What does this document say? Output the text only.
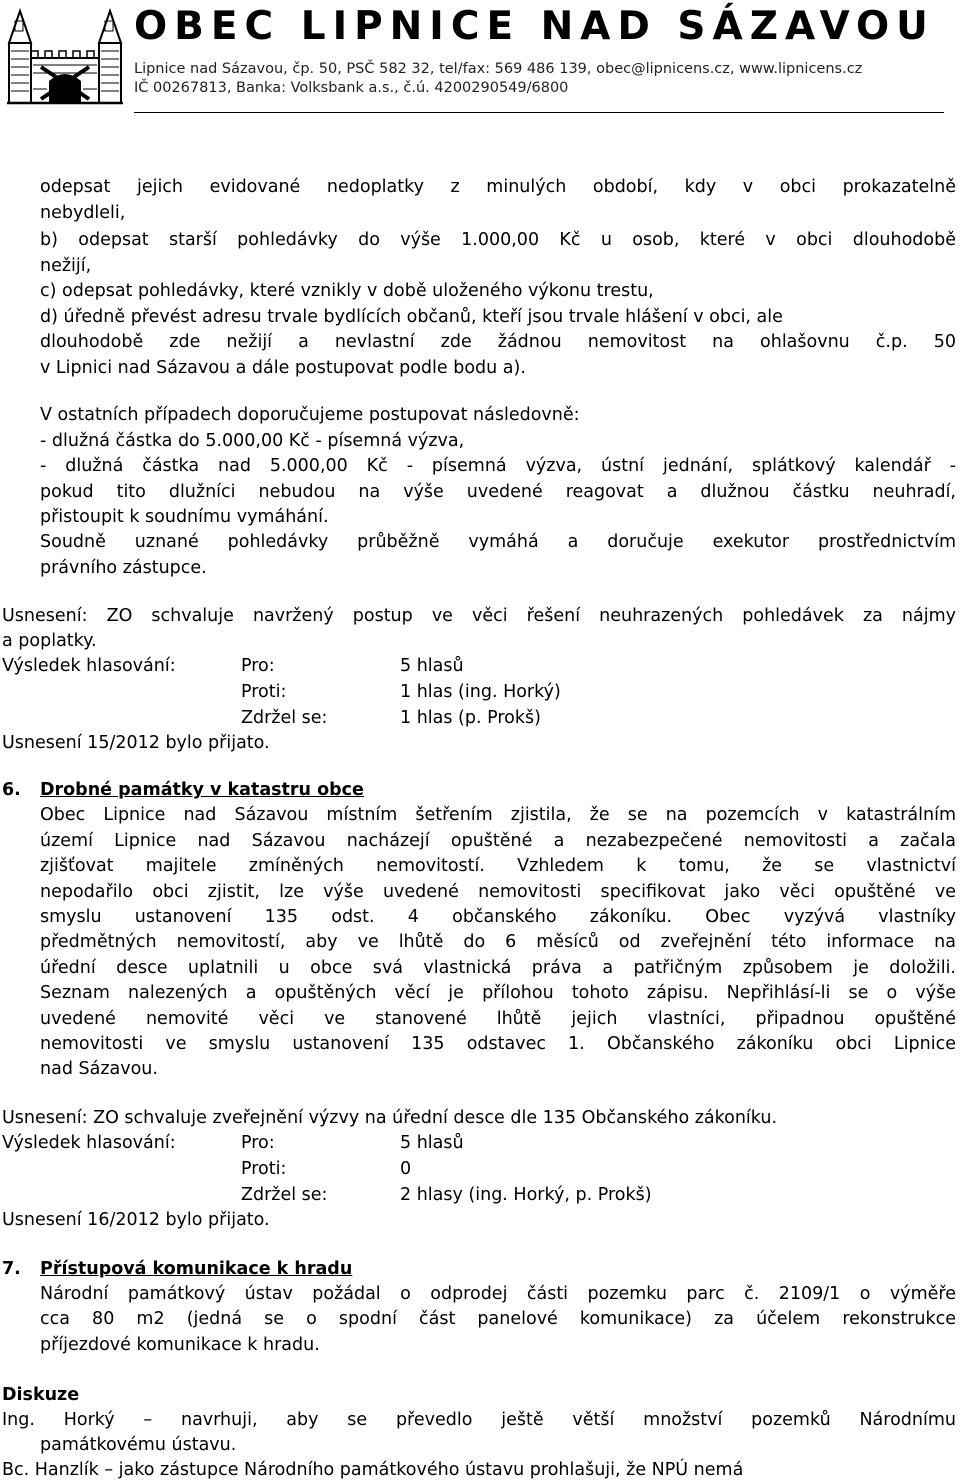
OBEC LIPNICE NAD SÁZAVOU
Lipnice nad Sázavou, čp. 50, PSČ 582 32, tel/fax: 569 486 139, obec@lipnicens.cz, www.lipnicens.cz
IČ 00267813, Banka: Volksbank a.s., č.ú. 4200290549/6800
odepsat jejich evidované nedoplatky z minulých období, kdy v obci prokazatelně
nebydleli,
b) odepsat starší pohledávky do výše 1.000,00 Kč u osob, které v obci dlouhodobě
nežijí,
c) odepsat pohledávky, které vznikly v době uloženého výkonu trestu,
d) úředně převést adresu trvale bydlících občanů, kteří jsou trvale hlášení v obci, ale
dlouhodobě zde nežijí a nevlastní zde žádnou nemovitost na ohlašovnu č.p. 50
v Lipnici nad Sázavou a dále postupovat podle bodu a).
V ostatních případech doporučujeme postupovat následovně:
- dlužná částka do 5.000,00 Kč - písemná výzva,
- dlužná částka nad 5.000,00 Kč - písemná výzva, ústní jednání, splátkový kalendář -
pokud tito dlužníci nebudou na výše uvedené reagovat a dlužnou částku neuhradí,
přistoupit k soudnímu vymáhání.
Soudně uznané pohledávky průběžně vymáhá a doručuje exekutor prostřednictvím
právního zástupce.
Usnesení: ZO schvaluje navržený postup ve věci řešení neuhrazených pohledávek za nájmy
a poplatky.
Výsledek hlasování:	Pro:	5 hlasů
Proti:	1 hlas (ing. Horký)
Zdržel se:	1 hlas (p. Prokš)
Usnesení 15/2012 bylo přijato.
6. Drobné památky v katastru obce
Obec Lipnice nad Sázavou místním šetřením zjistila, že se na pozemcích v katastrálním
území Lipnice nad Sázavou nacházejí opuštěné a nezabezpečené nemovitosti a začala
zjišťovat majitele zmíněných nemovitostí. Vzhledem k tomu, že se vlastnictví
nepodařilo obci zjistit, lze výše uvedené nemovitosti specifikovat jako věci opuštěné ve
smyslu ustanovení 135 odst. 4 občanského zákoníku. Obec vyzývá vlastníky
předmětných nemovitostí, aby ve lhůtě do 6 měsíců od zveřejnění této informace na
úřední desce uplatnili u obce svá vlastnická práva a patřičným způsobem je doložili.
Seznam nalezených a opuštěných věcí je přílohou tohoto zápisu. Nepřihlásí-li se o výše
uvedené nemovité věci ve stanovené lhůtě jejich vlastníci, připadnou opuštěné
nemovitosti ve smyslu ustanovení 135 odstavec 1. Občanského zákoníku obci Lipnice
nad Sázavou.
Usnesení: ZO schvaluje zveřejnění výzvy na úřední desce dle 135 Občanského zákoníku.
Výsledek hlasování:	Pro:	5 hlasů
Proti:	0
Zdržel se:	2 hlasy (ing. Horký, p. Prokš)
Usnesení 16/2012 bylo přijato.
7. Přístupová komunikace k hradu
Národní památkový ústav požádal o odprodej části pozemku parc č. 2109/1 o výměře
cca 80 m2 (jedná se o spodní část panelové komunikace) za účelem rekonstrukce
příjezdové komunikace k hradu.
Diskuze
Ing. Horký – navrhuji, aby se převedlo ještě větší množství pozemků Národnímu
památkovému ústavu.
Bc. Hanzlík – jako zástupce Národního památkového ústavu prohlašuji, že NPÚ nemá
